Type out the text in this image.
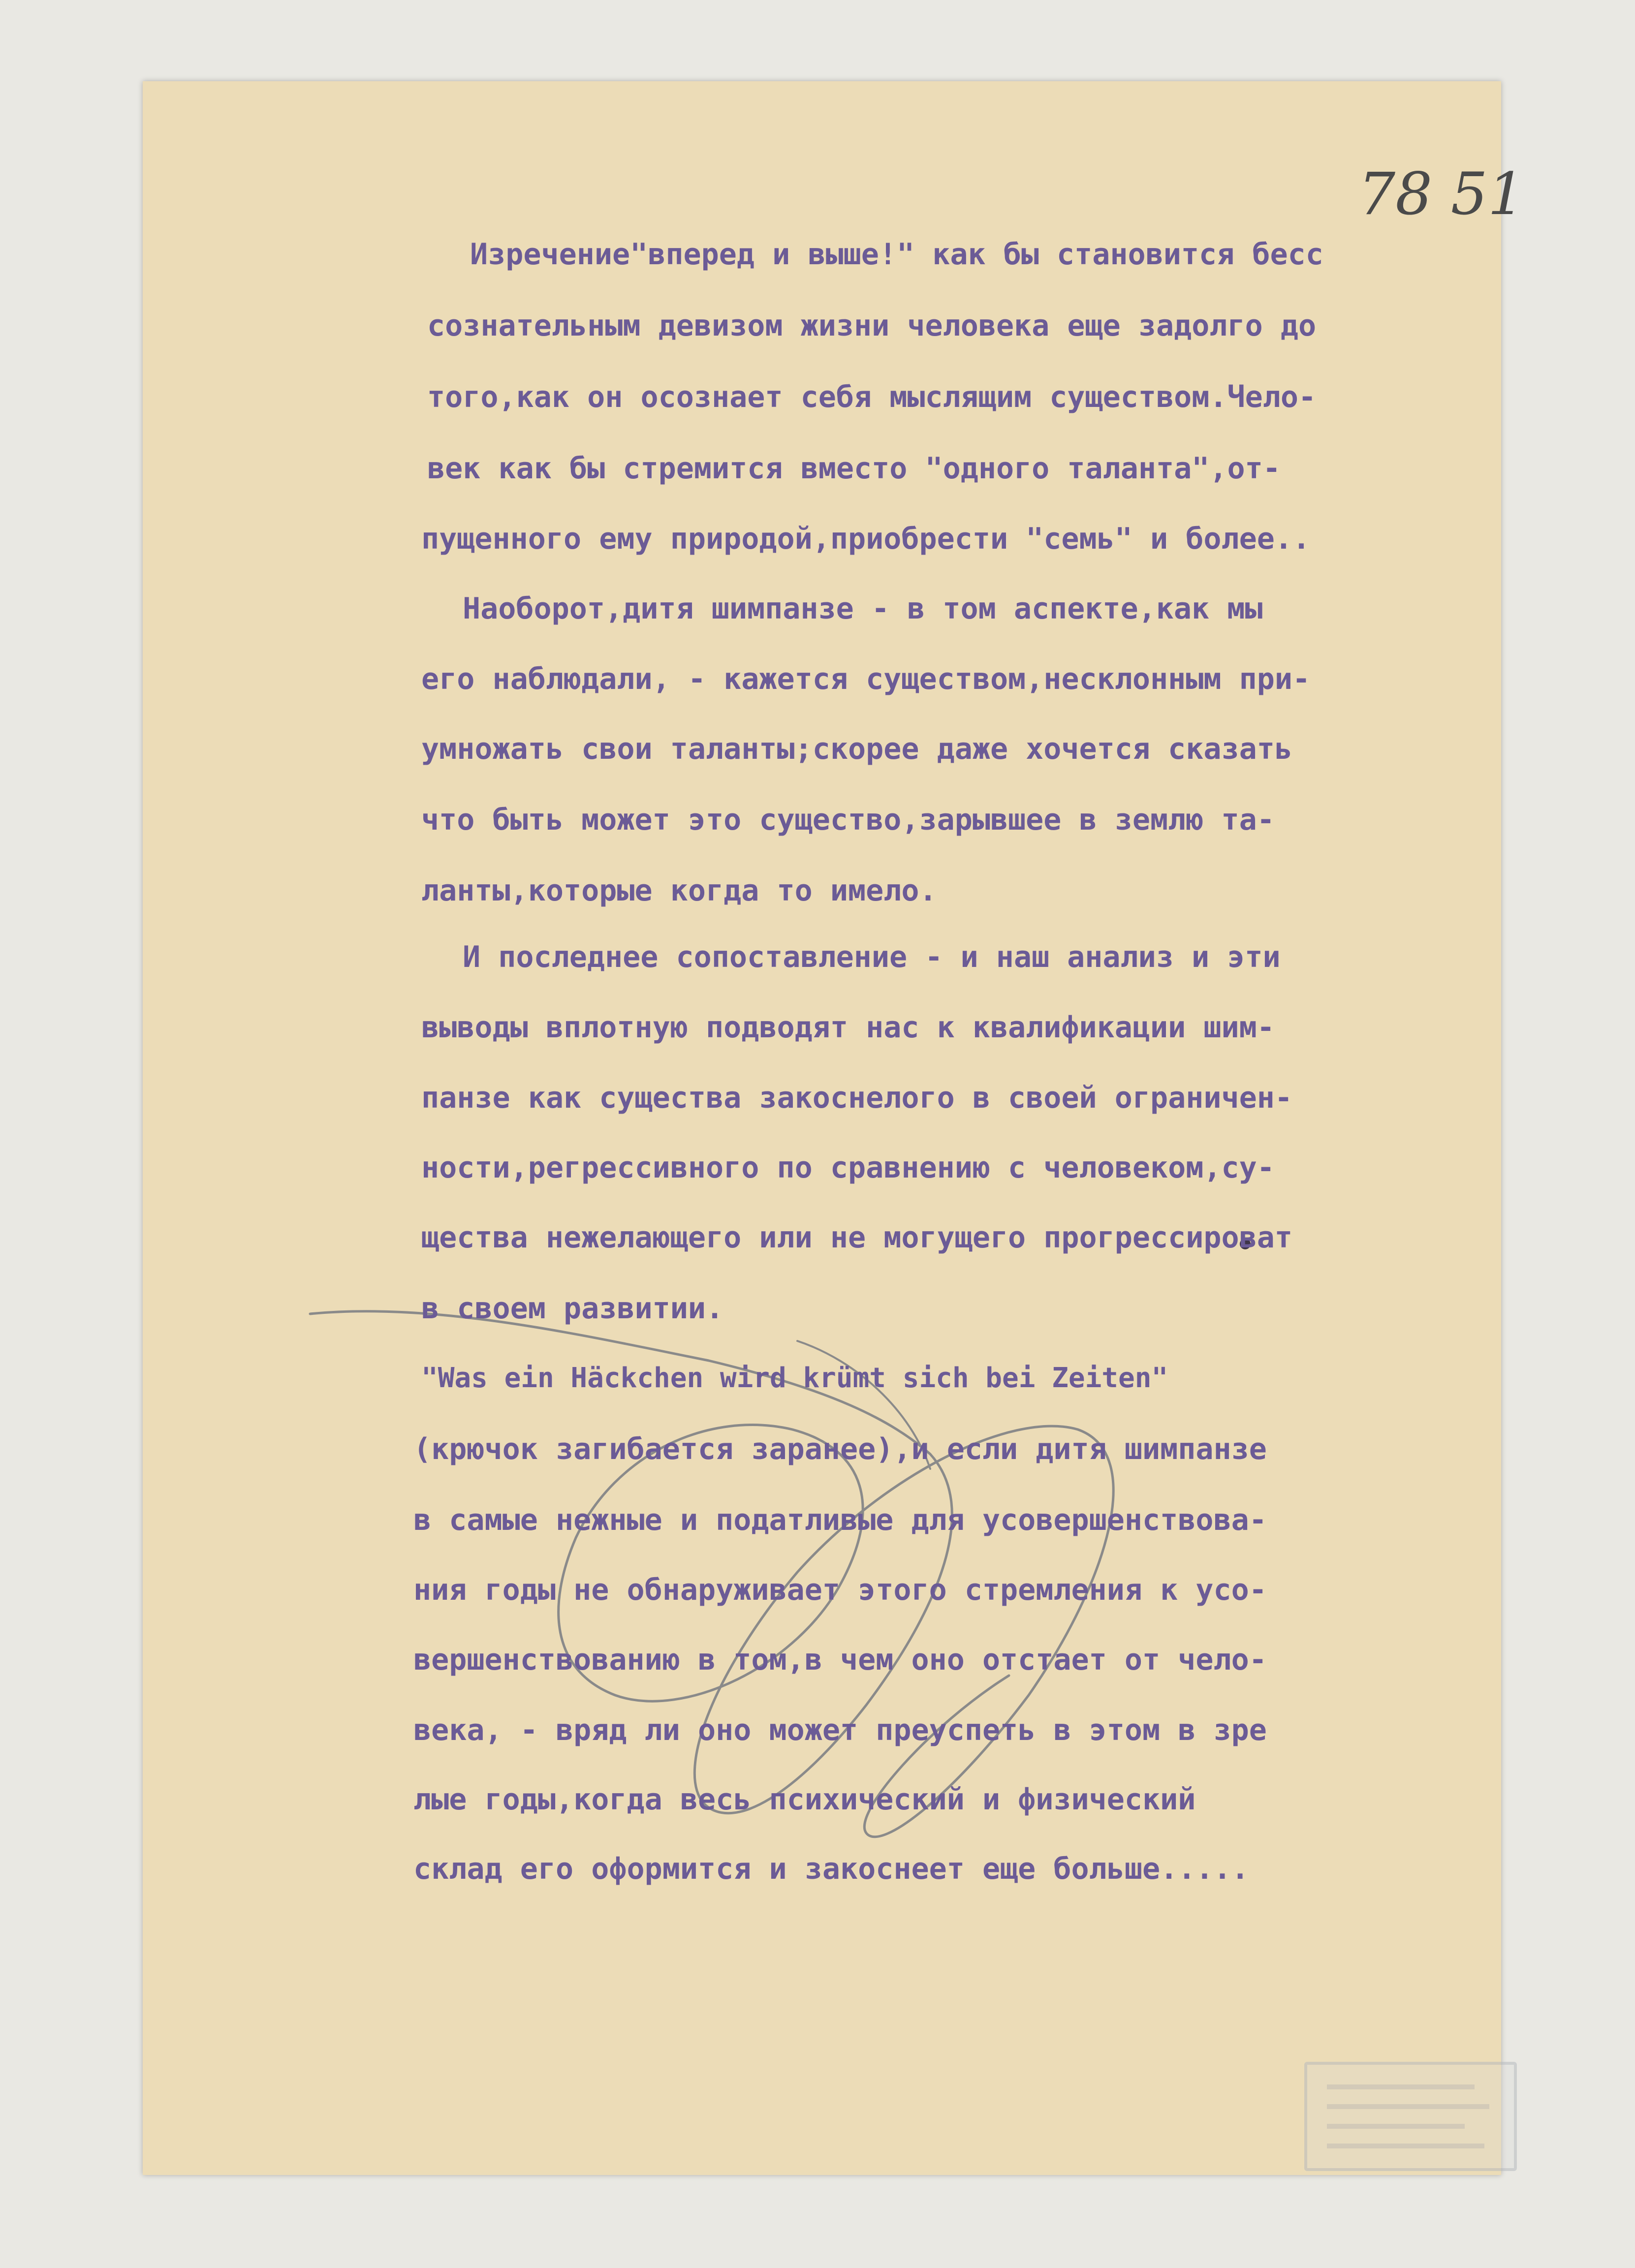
78 51
Изречение"вперед и выше!" как бы становится бесс
сознательным девизом жизни человека еще задолго до
того,как он осознает себя мыслящим существом.Чело-
век как бы стремится вместо "одного таланта",от-
пущенного ему природой,приобрести "семь" и более..
Наоборот,дитя шимпанзе - в том аспекте,как мы
его наблюдали, - кажется существом,несклонным при-
умножать свои таланты;скорее даже хочется сказать
что быть может это существо,зарывшее в землю та-
ланты,которые когда то имело.
И последнее сопоставление - и наш анализ и эти
выводы вплотную подводят нас к квалификации шим-
панзе как существа закоснелого в своей ограничен-
ности,регрессивного по сравнению с человеком,су-
щества нежелающего или не могущего прогрессироват
в своем развитии.
"Was ein Häckchen wird krümt sich bei Zeiten"
(крючок загибается заранее),и если дитя шимпанзе
в самые нежные и податливые для усовершенствова-
ния годы не обнаруживает этого стремления к усо-
вершенствованию в том,в чем оно отстает от чело-
века, - вряд ли оно может преуспеть в этом в зре
лые годы,когда весь психический и физический
склад его оформится и закоснеет еще больше.....
